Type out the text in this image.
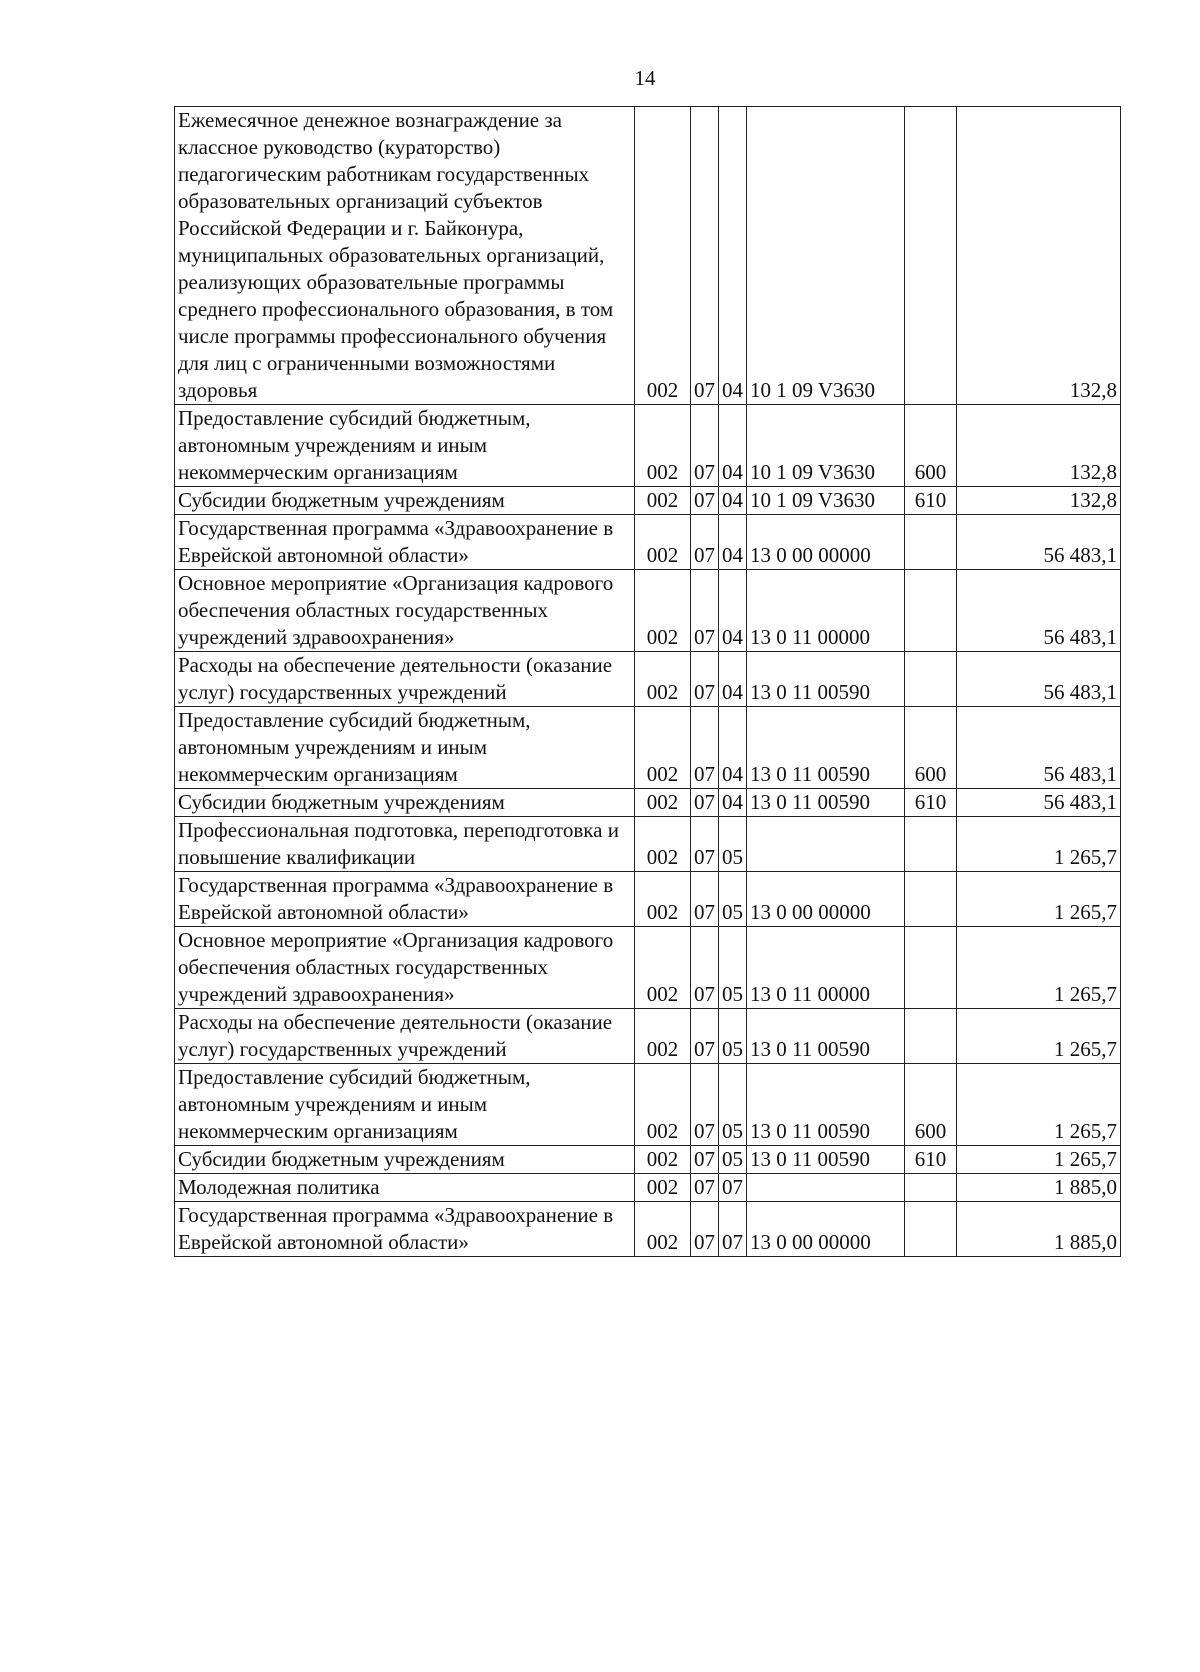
14
Ежемесячное денежное вознаграждение за классное руководство (кураторство) педагогическим работникам государственных образовательных организаций субъектов Российской Федерации и г. Байконура, муниципальных образовательных организаций, реализующих образовательные программы среднего профессионального образования, в том числе программы профессионального обучения для лиц с ограниченными возможностями здоровья	002	07	04	10 1 09 V3630		132,8
Предоставление субсидий бюджетным, автономным учреждениям и иным некоммерческим организациям	002	07	04	10 1 09 V3630	600	132,8
Субсидии бюджетным учреждениям	002	07	04	10 1 09 V3630	610	132,8
Государственная программа «Здравоохранение в Еврейской автономной области»	002	07	04	13 0 00 00000		56 483,1
Основное мероприятие «Организация кадрового обеспечения областных государственных учреждений здравоохранения»	002	07	04	13 0 11 00000		56 483,1
Расходы на обеспечение деятельности (оказание услуг) государственных учреждений	002	07	04	13 0 11 00590		56 483,1
Предоставление субсидий бюджетным, автономным учреждениям и иным некоммерческим организациям	002	07	04	13 0 11 00590	600	56 483,1
Субсидии бюджетным учреждениям	002	07	04	13 0 11 00590	610	56 483,1
Профессиональная подготовка, переподготовка и повышение квалификации	002	07	05			1 265,7
Государственная программа «Здравоохранение в Еврейской автономной области»	002	07	05	13 0 00 00000		1 265,7
Основное мероприятие «Организация кадрового обеспечения областных государственных учреждений здравоохранения»	002	07	05	13 0 11 00000		1 265,7
Расходы на обеспечение деятельности (оказание услуг) государственных учреждений	002	07	05	13 0 11 00590		1 265,7
Предоставление субсидий бюджетным, автономным учреждениям и иным некоммерческим организациям	002	07	05	13 0 11 00590	600	1 265,7
Субсидии бюджетным учреждениям	002	07	05	13 0 11 00590	610	1 265,7
Молодежная политика	002	07	07			1 885,0
Государственная программа «Здравоохранение в Еврейской автономной области»	002	07	07	13 0 00 00000		1 885,0
